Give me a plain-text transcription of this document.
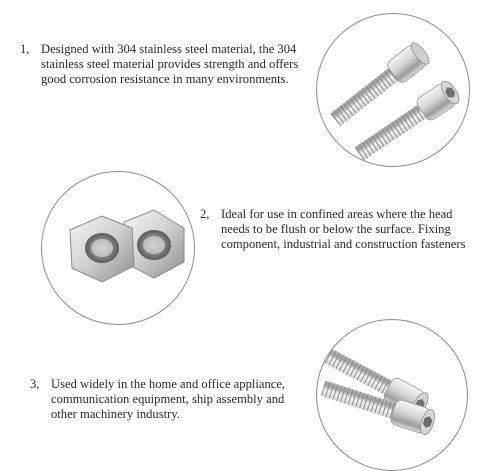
1, Designed with 304 stainless steel material, the 304
stainless steel material provides strength and offers
good corrosion resistance in many environments.
2, Ideal for use in confined areas where the head
needs to be flush or below the surface. Fixing
component, industrial and construction fasteners
3, Used widely in the home and office appliance,
communication equipment, ship assembly and
other machinery industry.
